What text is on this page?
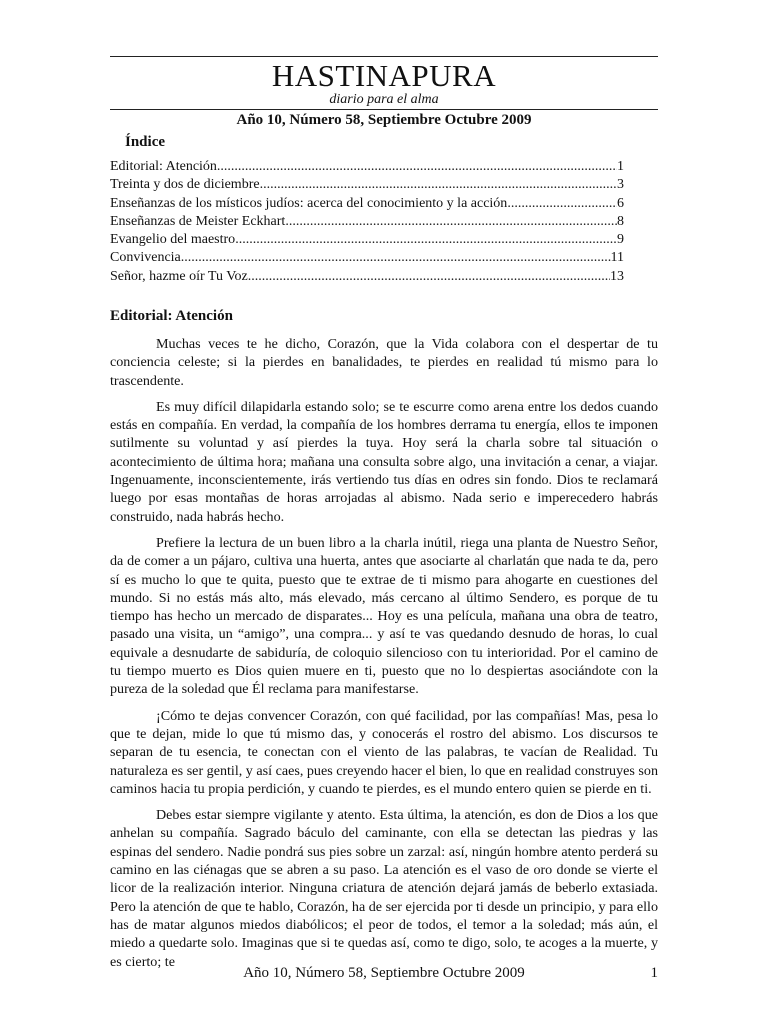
HASTINAPURA
diario para el alma
Año 10, Número 58, Septiembre Octubre 2009
Índice
Editorial: Atención .....	1
Treinta y dos de diciembre .....	3
Enseñanzas de los místicos judíos: acerca del conocimiento y la acción .....	6
Enseñanzas de Meister Eckhart .....	8
Evangelio del maestro .....	9
Convivencia .....	11
Señor, hazme oír Tu Voz .....	13
Editorial: Atención

Muchas veces te he dicho, Corazón, que la Vida colabora con el despertar de tu conciencia celeste; si la pierdes en banalidades, te pierdes en realidad tú mismo para lo trascendente.

Es muy difícil dilapidarla estando solo; se te escurre como arena entre los dedos cuando estás en compañía. En verdad, la compañía de los hombres derrama tu energía, ellos te imponen sutilmente su voluntad y así pierdes la tuya. Hoy será la charla sobre tal situación o acontecimiento de última hora; mañana una consulta sobre algo, una invitación a cenar, a viajar. Ingenuamente, inconscientemente, irás vertiendo tus días en odres sin fondo. Dios te reclamará luego por esas montañas de horas arrojadas al abismo. Nada serio e imperecedero habrás construido, nada habrás hecho.

Prefiere la lectura de un buen libro a la charla inútil, riega una planta de Nuestro Señor, da de comer a un pájaro, cultiva una huerta, antes que asociarte al charlatán que nada te da, pero sí es mucho lo que te quita, puesto que te extrae de ti mismo para ahogarte en cuestiones del mundo. Si no estás más alto, más elevado, más cercano al último Sendero, es porque de tu tiempo has hecho un mercado de disparates... Hoy es una película, mañana una obra de teatro, pasado una visita, un “amigo”, una compra... y así te vas quedando desnudo de horas, lo cual equivale a desnudarte de sabiduría, de coloquio silencioso con tu interioridad. Por el camino de tu tiempo muerto es Dios quien muere en ti, puesto que no lo despiertas asociándote con la pureza de la soledad que Él reclama para manifestarse.

¡Cómo te dejas convencer Corazón, con qué facilidad, por las compañías! Mas, pesa lo que te dejan, mide lo que tú mismo das, y conocerás el rostro del abismo. Los discursos te separan de tu esencia, te conectan con el viento de las palabras, te vacían de Realidad. Tu naturaleza es ser gentil, y así caes, pues creyendo hacer el bien, lo que en realidad construyes son caminos hacia tu propia perdición, y cuando te pierdes, es el mundo entero quien se pierde en ti.

Debes estar siempre vigilante y atento. Esta última, la atención, es don de Dios a los que anhelan su compañía. Sagrado báculo del caminante, con ella se detectan las piedras y las espinas del sendero. Nadie pondrá sus pies sobre un zarzal: así, ningún hombre atento perderá su camino en las ciénagas que se abren a su paso. La atención es el vaso de oro donde se vierte el licor de la realización interior. Ninguna criatura de atención dejará jamás de beberlo extasiada. Pero la atención de que te hablo, Corazón, ha de ser ejercida por ti desde un principio, y para ello has de matar algunos miedos diabólicos; el peor de todos, el temor a la soledad; más aún, el miedo a quedarte solo. Imaginas que si te quedas así, como te digo, solo, te acoges a la muerte, y es cierto; te

Año 10, Número 58, Septiembre Octubre 2009	1
